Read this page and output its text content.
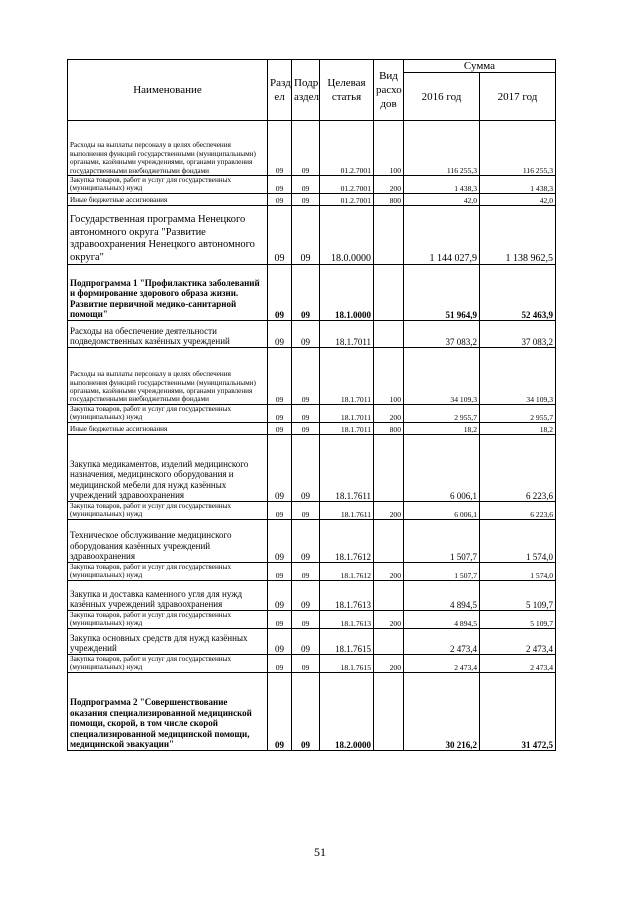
Наименование	Разд ел	Подр аздел	Целевая статья	Вид расхо дов	Сумма	
					2016 год	2017 год
Расходы на выплаты персоналу в целях обеспечения выполнения функций государственными (муниципальными) органами, казёнными учреждениями, органами управления государственными внебюджетными фондами	09	09	01.2.7001	100	116 255,3	116 255,3
Закупка товаров, работ и услуг для государственных (муниципальных) нужд	09	09	01.2.7001	200	1 438,3	1 438,3
Иные бюджетные ассигнования	09	09	01.2.7001	800	42,0	42,0
Государственная программа Ненецкого автономного округа "Развитие здравоохранения Ненецкого автономного округа"	09	09	18.0.0000		1 144 027,9	1 138 962,5
Подпрограмма 1 "Профилактика заболеваний и формирование здорового образа жизни. Развитие первичной медико-санитарной помощи"	09	09	18.1.0000		51 964,9	52 463,9
Расходы на обеспечение деятельности подведомственных казённых учреждений	09	09	18.1.7011		37 083,2	37 083,2
Расходы на выплаты персоналу в целях обеспечения выполнения функций государственными (муниципальными) органами, казёнными учреждениями, органами управления государственными внебюджетными фондами	09	09	18.1.7011	100	34 109,3	34 109,3
Закупка товаров, работ и услуг для государственных (муниципальных) нужд	09	09	18.1.7011	200	2 955,7	2 955,7
Иные бюджетные ассигнования	09	09	18.1.7011	800	18,2	18,2
Закупка медикаментов, изделий медицинского назначения, медицинского оборудования и медицинской мебели для нужд казённых учреждений здравоохранения	09	09	18.1.7611		6 006,1	6 223,6
Закупка товаров, работ и услуг для государственных (муниципальных) нужд	09	09	18.1.7611	200	6 006,1	6 223,6
Техническое обслуживание медицинского оборудования казённых учреждений здравоохранения	09	09	18.1.7612		1 507,7	1 574,0
Закупка товаров, работ и услуг для государственных (муниципальных) нужд	09	09	18.1.7612	200	1 507,7	1 574,0
Закупка и доставка каменного угля для нужд казённых учреждений здравоохранения	09	09	18.1.7613		4 894,5	5 109,7
Закупка товаров, работ и услуг для государственных (муниципальных) нужд	09	09	18.1.7613	200	4 894,5	5 109,7
Закупка основных средств для нужд казённых учреждений	09	09	18.1.7615		2 473,4	2 473,4
Закупка товаров, работ и услуг для государственных (муниципальных) нужд	09	09	18.1.7615	200	2 473,4	2 473,4
Подпрограмма 2 "Совершенствование оказания специализированной медицинской помощи, скорой, в том числе скорой специализированной медицинской помощи, медицинской эвакуации"	09	09	18.2.0000		30 216,2	31 472,5
51
